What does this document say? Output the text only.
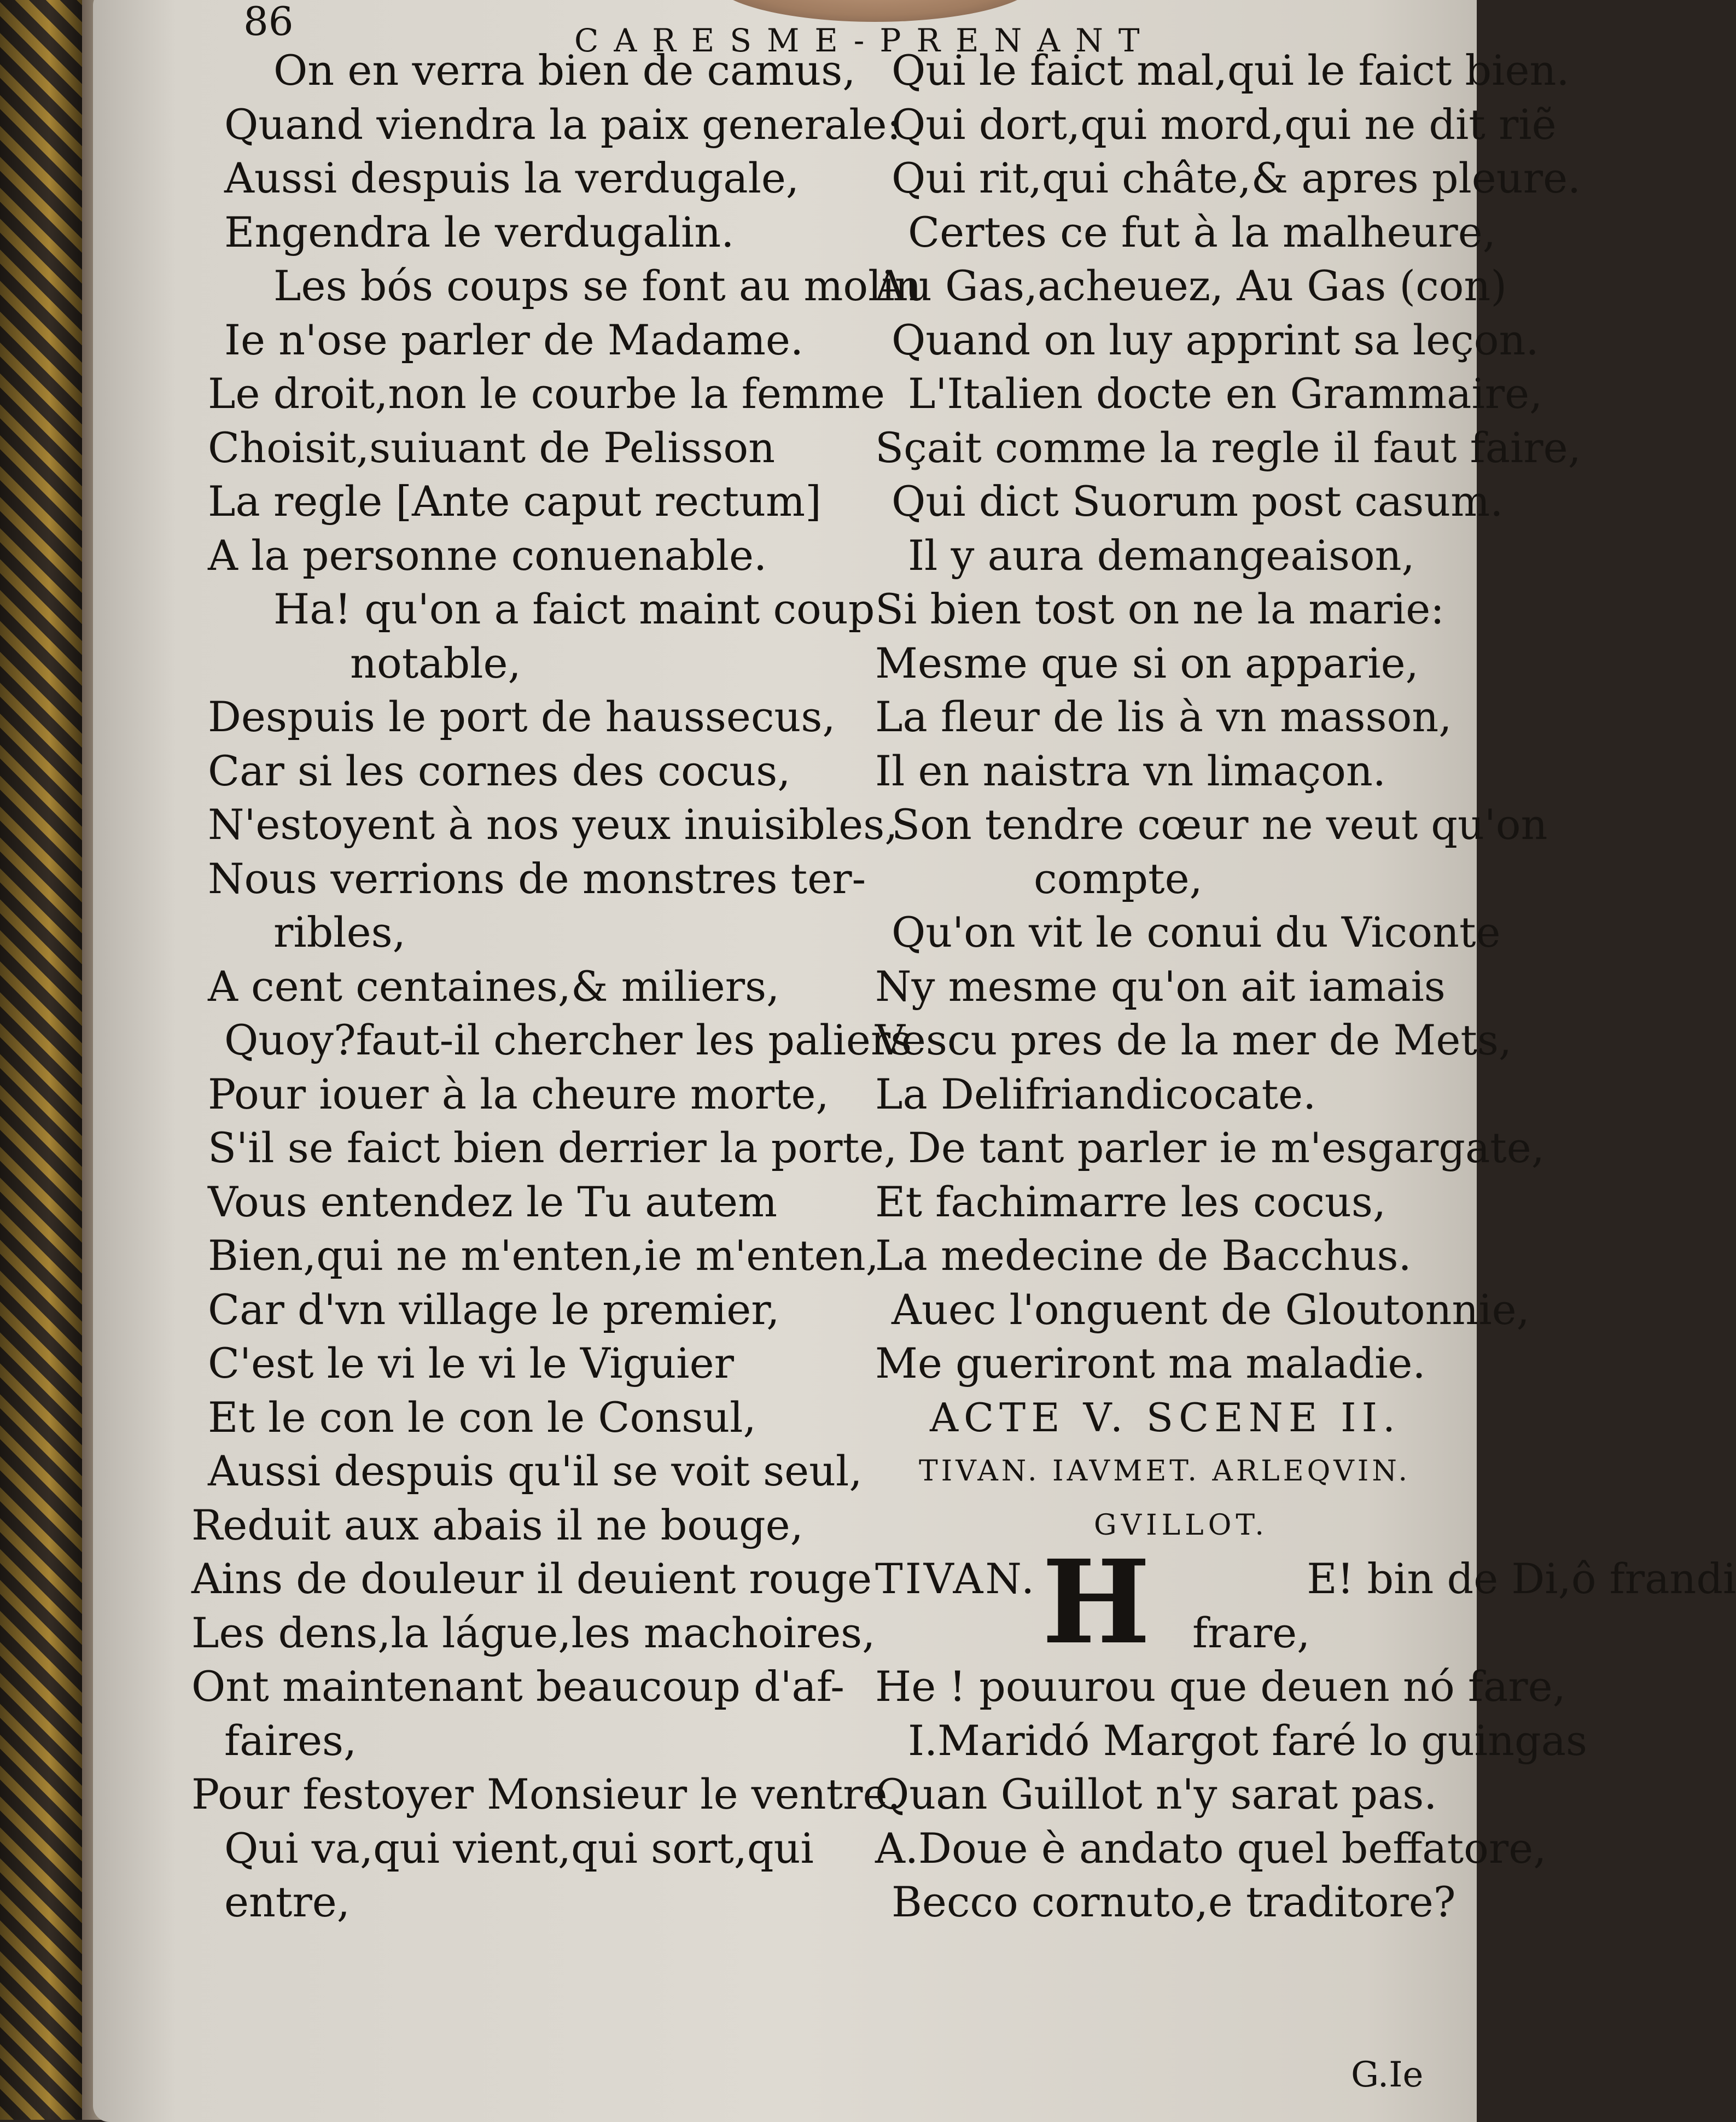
86	CARESME-PRENANT
On en verra bien de camus,
Quand viendra la paix generale:
Aussi despuis la verdugale,
Engendra le verdugalin.
Les bós coups se font au molin
Ie n'ose parler de Madame.
Le droit,non le courbe la femme
Choisit,suiuant de Pelisson
La regle [Ante caput rectum]
A la personne conuenable.
Ha! qu'on a faict maint coup
notable,
Despuis le port de haussecus,
Car si les cornes des cocus,
N'estoyent à nos yeux inuisibles,
Nous verrions de monstres ter-
ribles,
A cent centaines,& miliers,
Quoy?faut-il chercher les paliers
Pour iouer à la cheure morte,
S'il se faict bien derrier la porte,
Vous entendez le Tu autem
Bien,qui ne m'enten,ie m'enten,
Car d'vn village le premier,
C'est le vi le vi le Viguier
Et le con le con le Consul,
Aussi despuis qu'il se voit seul,
Reduit aux abais il ne bouge,
Ains de douleur il deuient rouge
Les dens,la lágue,les machoires,
Ont maintenant beaucoup d'af-
faires,
Pour festoyer Monsieur le ventre.
Qui va,qui vient,qui sort,qui
entre,
Qui le faict mal,qui le faict bien.
Qui dort,qui mord,qui ne dit riẽ
Qui rit,qui châte,& apres pleure.
Certes ce fut à la malheure,
Au Gas,acheuez, Au Gas (con)
Quand on luy apprint sa leçon.
L'Italien docte en Grammaire,
Sçait comme la regle il faut faire,
Qui dict Suorum post casum.
Il y aura demangeaison,
Si bien tost on ne la marie:
Mesme que si on apparie,
La fleur de lis à vn masson,
Il en naistra vn limaçon.
Son tendre cœur ne veut qu'on
compte,
Qu'on vit le conui du Viconte
Ny mesme qu'on ait iamais
Vescu pres de la mer de Mets,
La Delifriandicocate.
De tant parler ie m'esgargate,
Et fachimarre les cocus,
La medecine de Bacchus.
Auec l'onguent de Gloutonnie,
Me gueriront ma maladie.
ACTE V. SCENE II.
TIVAN. IAVMET. ARLEQVIN.
GVILLOT.
TIVAN. H	E! bin de Di,ô frandi
frare,
He ! pouurou que deuen nó fare,
I.Maridó Margot faré lo guingas
Quan Guillot n'y sarat pas.
A.Doue è andato quel beffatore,
Becco cornuto,e traditore?
G.Ie
